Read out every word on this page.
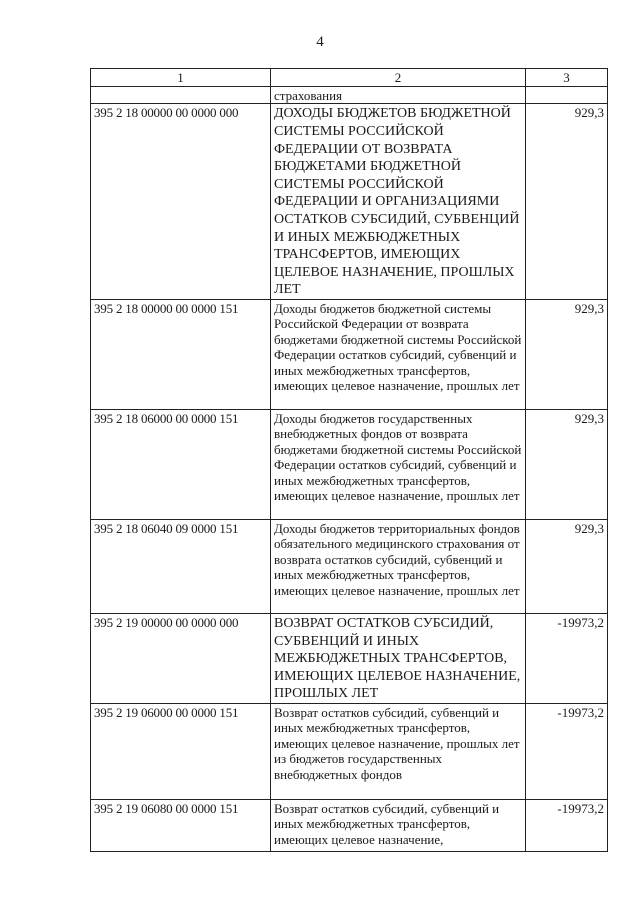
4
1	2	3
	страхования	
395 2 18 00000 00 0000 000	ДОХОДЫ БЮДЖЕТОВ БЮДЖЕТНОЙ СИСТЕМЫ РОССИЙСКОЙ ФЕДЕРАЦИИ ОТ ВОЗВРАТА БЮДЖЕТАМИ БЮДЖЕТНОЙ СИСТЕМЫ РОССИЙСКОЙ ФЕДЕРАЦИИ И ОРГАНИЗАЦИЯМИ ОСТАТКОВ СУБСИДИЙ, СУБВЕНЦИЙ И ИНЫХ МЕЖБЮДЖЕТНЫХ ТРАНСФЕРТОВ, ИМЕЮЩИХ ЦЕЛЕВОЕ НАЗНАЧЕНИЕ, ПРОШЛЫХ ЛЕТ	929,3
395 2 18 00000 00 0000 151	Доходы бюджетов бюджетной системы Российской Федерации от возврата бюджетами бюджетной системы Российской Федерации остатков субсидий, субвенций и иных межбюджетных трансфертов, имеющих целевое назначение, прошлых лет	929,3
395 2 18 06000 00 0000 151	Доходы бюджетов государственных внебюджетных фондов от возврата бюджетами бюджетной системы Российской Федерации остатков субсидий, субвенций и иных межбюджетных трансфертов, имеющих целевое назначение, прошлых лет	929,3
395 2 18 06040 09 0000 151	Доходы бюджетов территориальных фондов обязательного медицинского страхования от возврата остатков субсидий, субвенций и иных межбюджетных трансфертов, имеющих целевое назначение, прошлых лет	929,3
395 2 19 00000 00 0000 000	ВОЗВРАТ ОСТАТКОВ СУБСИДИЙ, СУБВЕНЦИЙ И ИНЫХ МЕЖБЮДЖЕТНЫХ ТРАНСФЕРТОВ, ИМЕЮЩИХ ЦЕЛЕВОЕ НАЗНАЧЕНИЕ, ПРОШЛЫХ ЛЕТ	-19973,2
395 2 19 06000 00 0000 151	Возврат остатков субсидий, субвенций и иных межбюджетных трансфертов, имеющих целевое назначение, прошлых лет из бюджетов государственных внебюджетных фондов	-19973,2
395 2 19 06080 00 0000 151	Возврат остатков субсидий, субвенций и иных межбюджетных трансфертов, имеющих целевое назначение,	-19973,2
